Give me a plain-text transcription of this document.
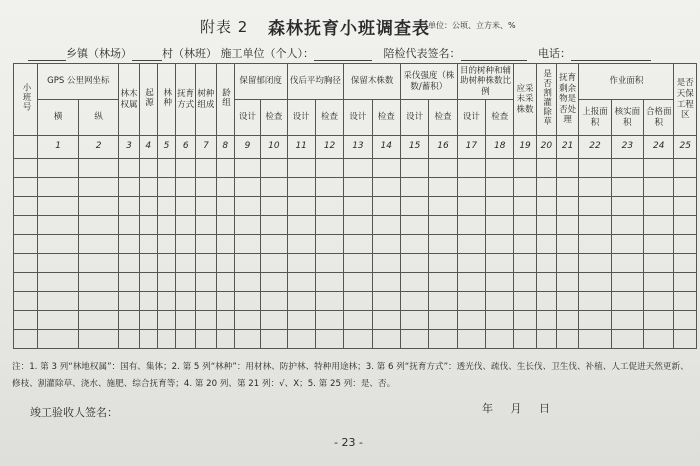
附表 2 森林抚育小班调查表
单位：公顷、立方米、%
乡镇（林场）	村（林班） 施工单位（个人）：	陪检代表签名：	电话：
小班号	GPS 公里网坐标		林木权属	起源	林种	抚育方式	树种组成	龄组	保留郁闭度		伐后平均胸径		保留木株数		采伐强度（株数/蓄积）		目的树种和辅助树种株数比例		应采未采株数	是否割灌除草	抚育剩余物是否处理	作业面积			是否天保工程区
	横	纵							设计	检查	设计	检查	设计	检查	设计	检查	设计	检查				上报面积	核实面积	合格面积	
	1	2	3	4	5	6	7	8	9	10	11	12	13	14	15	16	17	18	19	20	21	22	23	24	25

注：1. 第 3 列“林地权属”：国有、集体；2. 第 5 列“林种”：用材林、防护林、特种用途林；3. 第 6 列“抚育方式”：透光伐、疏伐、生长伐、卫生伐、补植、人工促进天然更新、
修枝、割灌除草、浇水、施肥、综合抚育等；4. 第 20 列、第 21 列：√、X；5. 第 25 列：是、否。
竣工验收人签名：	年 月 日
- 23 -
